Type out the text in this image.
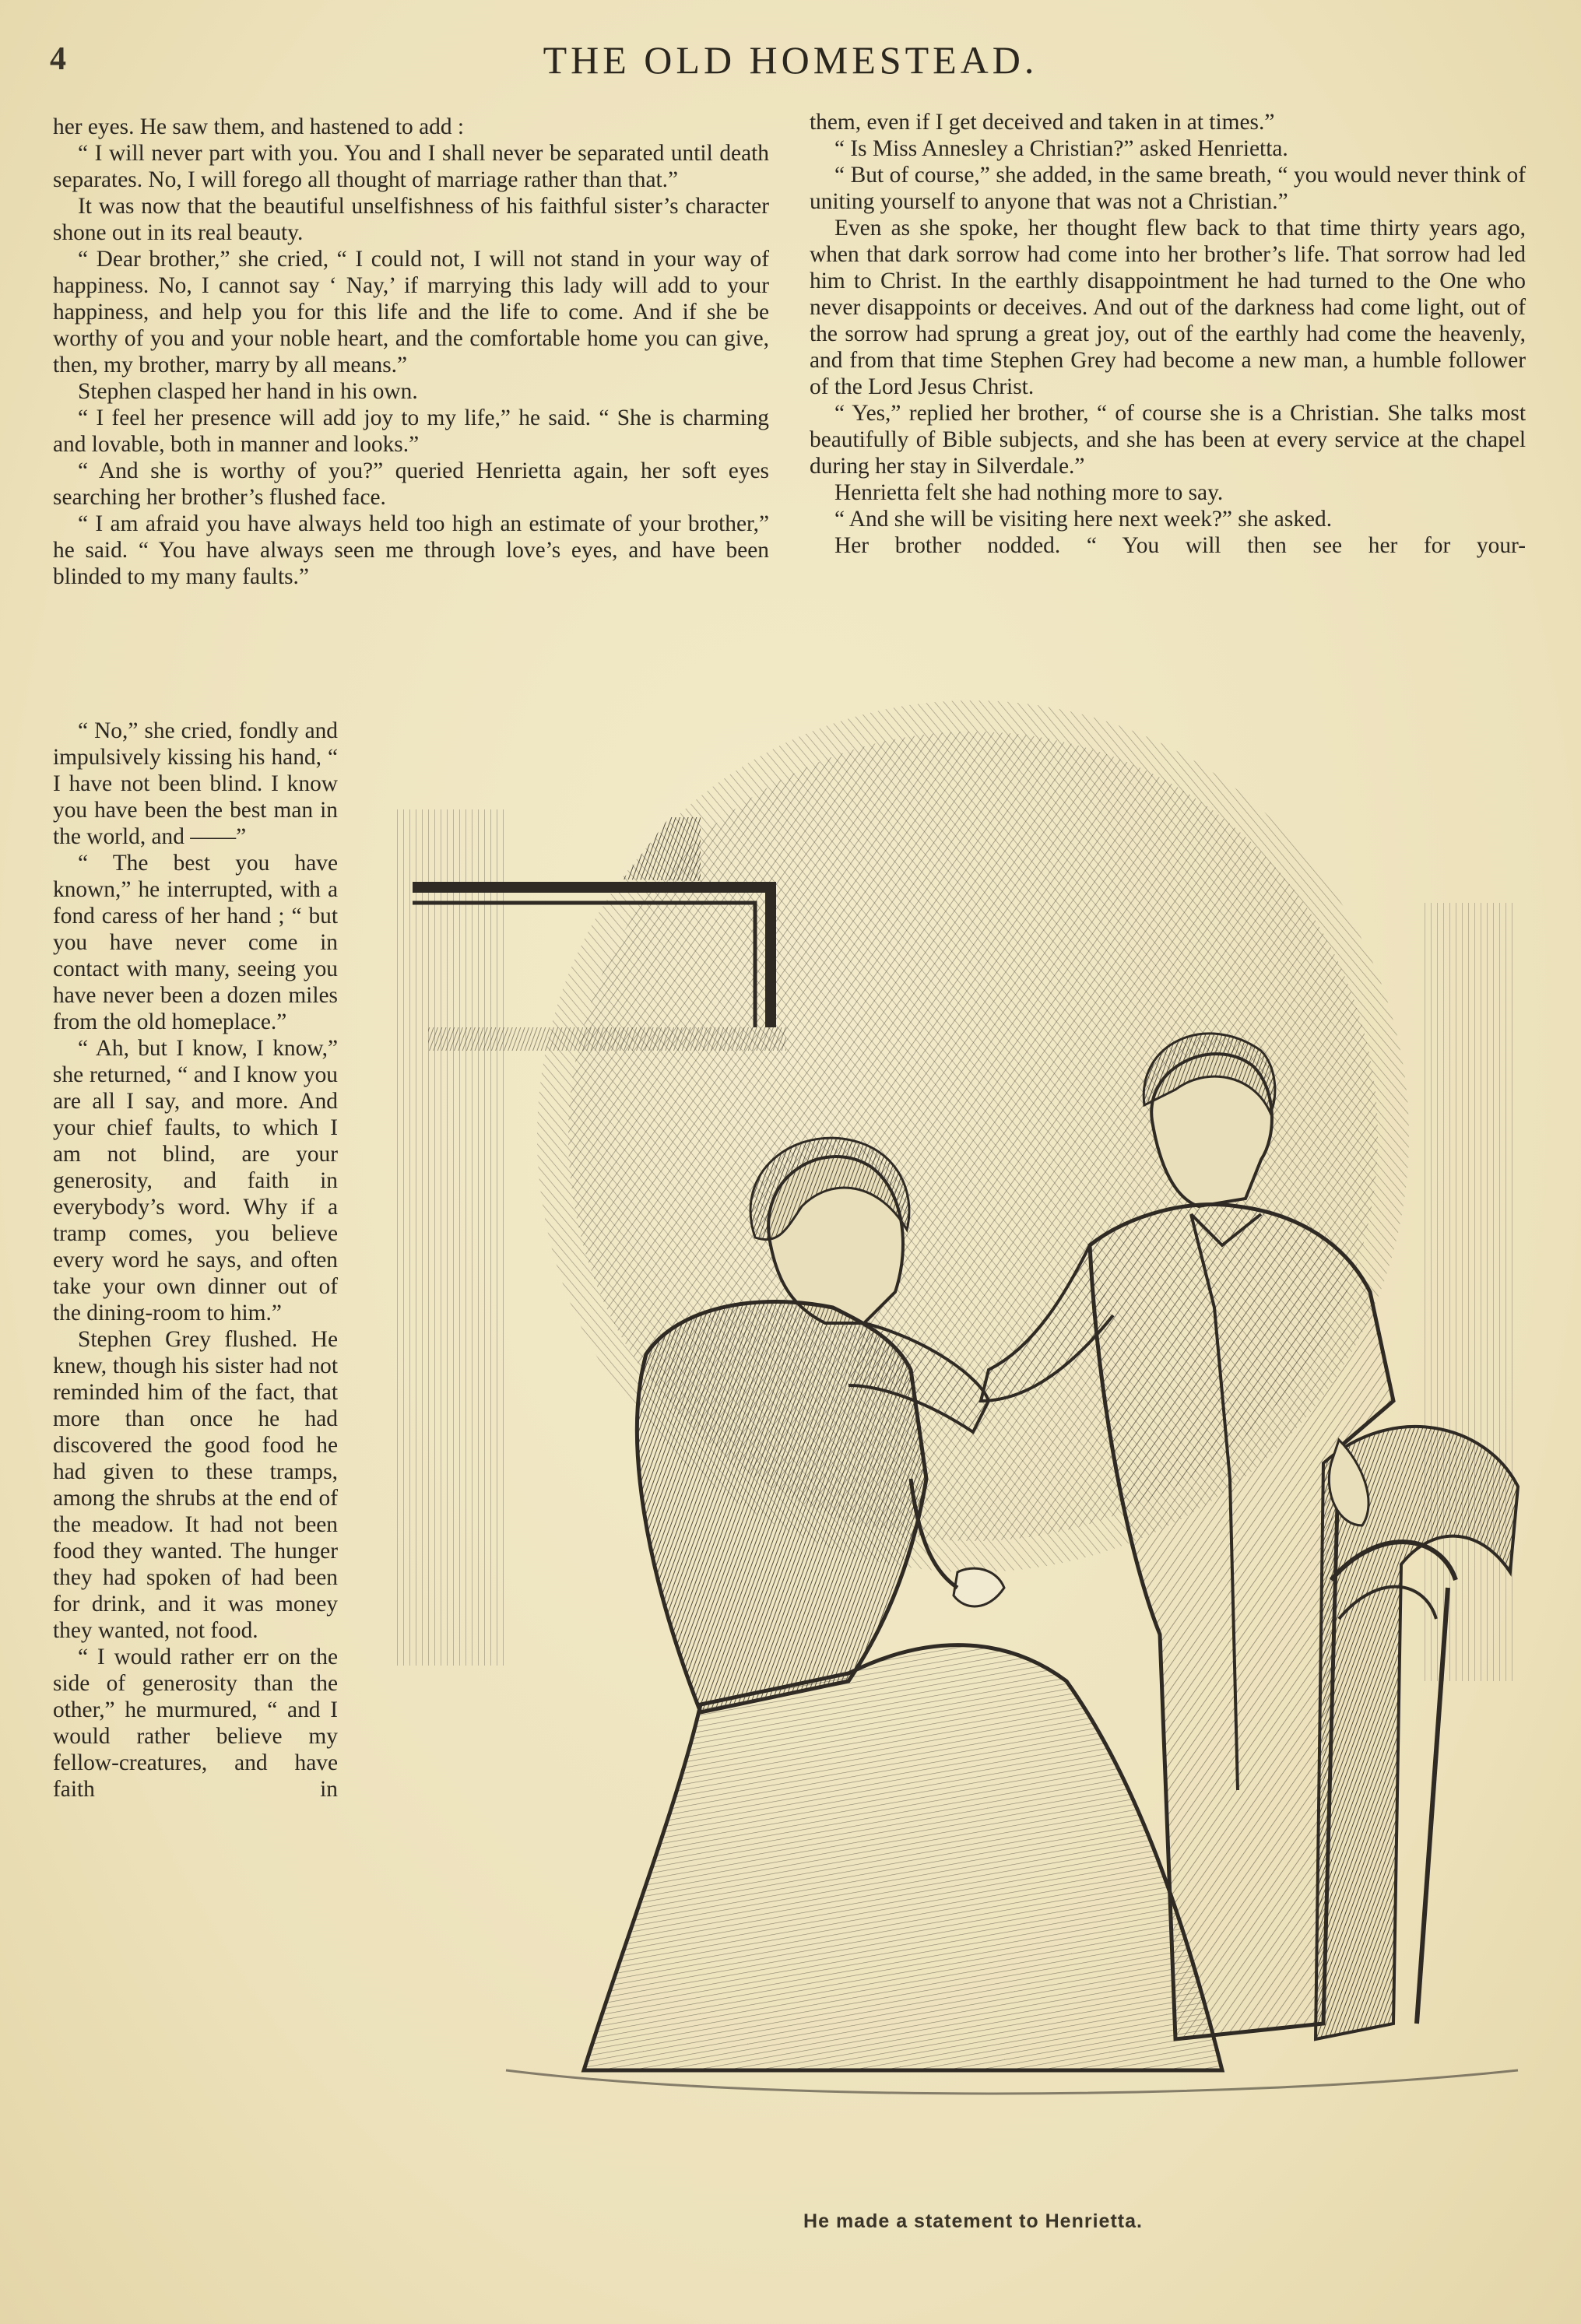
4	THE OLD HOMESTEAD.

her eyes. He saw them, and hastened to add :

“ I will never part with you. You and I shall never be separated until death separates. No, I will forego all thought of marriage rather than that.”

It was now that the beautiful unselfishness of his faithful sister’s character shone out in its real beauty.

“ Dear brother,” she cried, “ I could not, I will not stand in your way of happiness. No, I cannot say ‘ Nay,’ if marrying this lady will add to your happiness, and help you for this life and the life to come. And if she be worthy of you and your noble heart, and the comfortable home you can give, then, my brother, marry by all means.”

Stephen clasped her hand in his own.

“ I feel her presence will add joy to my life,” he said. “ She is charming and lovable, both in manner and looks.”

“ And she is worthy of you?” queried Henrietta again, her soft eyes searching her brother’s flushed face.

“ I am afraid you have always held too high an estimate of your brother,” he said. “ You have always seen me through love’s eyes, and have been blinded to my many faults.”

them, even if I get deceived and taken in at times.”

“ Is Miss Annesley a Christian?” asked Henrietta.

“ But of course,” she added, in the same breath, “ you would never think of uniting yourself to anyone that was not a Christian.”

Even as she spoke, her thought flew back to that time thirty years ago, when that dark sorrow had come into her brother’s life. That sorrow had led him to Christ. In the earthly disappointment he had turned to the One who never disappoints or deceives. And out of the darkness had come light, out of the sorrow had sprung a great joy, out of the earthly had come the heavenly, and from that time Stephen Grey had become a new man, a humble follower of the Lord Jesus Christ.

“ Yes,” replied her brother, “ of course she is a Christian. She talks most beautifully of Bible subjects, and she has been at every service at the chapel during her stay in Silverdale.”

Henrietta felt she had nothing more to say.

“ And she will be visiting here next week?” she asked.

Her brother nodded. “ You will then see her for your-

“ No,” she cried, fondly and impulsively kissing his hand, “ I have not been blind. I know you have been the best man in the world, and ——”

“ The best you have known,” he interrupted, with a fond caress of her hand ; “ but you have never come in contact with many, seeing you have never been a dozen miles from the old homeplace.”

“ Ah, but I know, I know,” she returned, “ and I know you are all I say, and more. And your chief faults, to which I am not blind, are your generosity, and faith in everybody’s word. Why if a tramp comes, you believe every word he says, and often take your own dinner out of the dining-room to him.”

Stephen Grey flushed. He knew, though his sister had not reminded him of the fact, that more than once he had discovered the good food he had given to these tramps, among the shrubs at the end of the meadow. It had not been food they wanted. The hunger they had spoken of had been for drink, and it was money they wanted, not food.

“ I would rather err on the side of generosity than the other,” he murmured, “ and I would rather believe my fellow-creatures, and have faith in

He made a statement to Henrietta.
